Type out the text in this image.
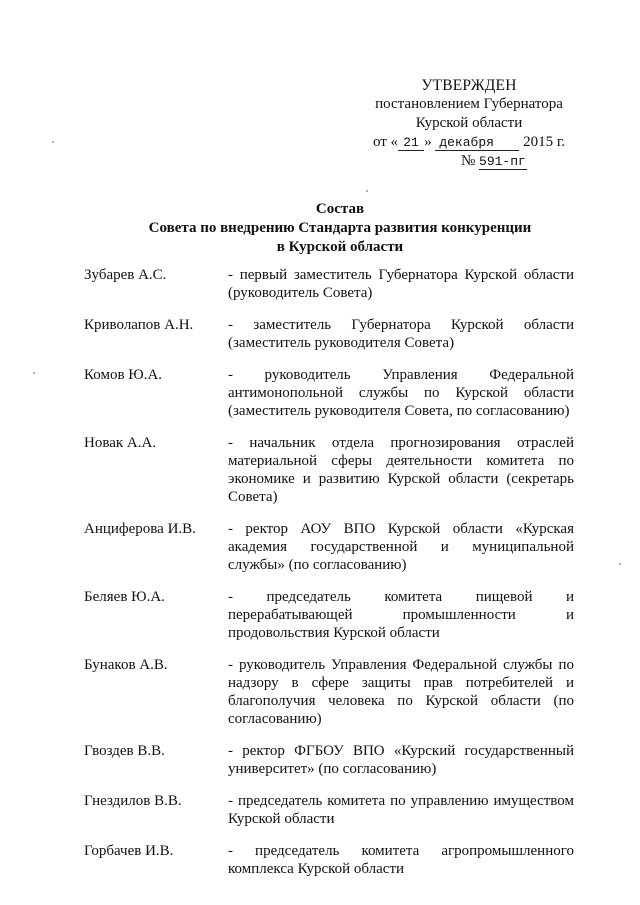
УТВЕРЖДЕН
постановлением Губернатора
Курской области
от « 21 » декабря 2015 г.
№ 591-пг
Состав
Совета по внедрению Стандарта развития конкуренции
в Курской области
Зубарев А.С.	- первый заместитель Губернатора Курской области (руководитель Совета)
Криволапов А.Н.	- заместитель Губернатора Курской области (заместитель руководителя Совета)
Комов Ю.А.	- руководитель Управления Федеральной антимонопольной службы по Курской области (заместитель руководителя Совета, по согласованию)
Новак А.А.	- начальник отдела прогнозирования отраслей материальной сферы деятельности комитета по экономике и развитию Курской области (секретарь Совета)
Анциферова И.В.	- ректор АОУ ВПО Курской области «Курская академия государственной и муниципальной службы» (по согласованию)
Беляев Ю.А.	- председатель комитета пищевой и перерабатывающей промышленности и продовольствия Курской области
Бунаков А.В.	- руководитель Управления Федеральной службы по надзору в сфере защиты прав потребителей и благополучия человека по Курской области (по согласованию)
Гвоздев В.В.	- ректор ФГБОУ ВПО «Курский государственный университет» (по согласованию)
Гнездилов В.В.	- председатель комитета по управлению имуществом Курской области
Горбачев И.В.	- председатель комитета агропромышленного комплекса Курской области
